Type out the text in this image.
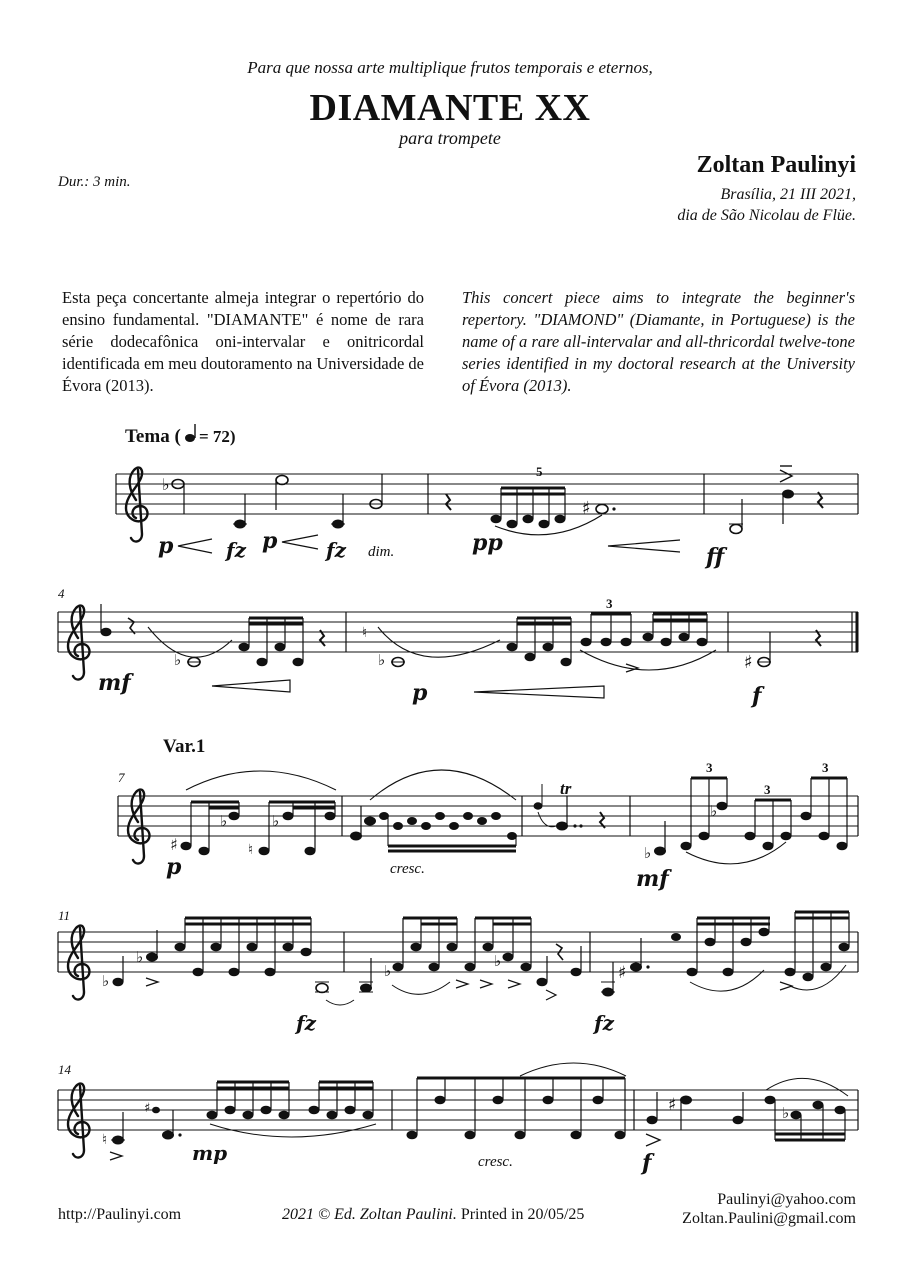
Para que nossa arte multiplique frutos temporais e eternos,
DIAMANTE XX
para trompete
Zoltan Paulinyi
Brasília, 21 III 2021,
dia de São Nicolau de Flüe.
Dur.: 3 min.
Esta peça concertante almeja integrar o repertório do ensino fundamental. "DIAMANTE" é nome de rara série dodecafônica oni-intervalar e onitricordal identificada em meu doutoramento na Universidade de Évora (2013).
This concert piece aims to integrate the beginner's repertory. "DIAMOND" (Diamante, in Portuguese) is the name of a rare all-intervalar and all-thricordal twelve-tone series identified in my doctoral research at the University of Évora (2013).
Tema ( = 72)
♭
5
♯
p	fz p fz dim.	pp
ff
4
♭
mf
♮
♭
3
p
♯
f
Var.1
7
♯
♭
♮
♭
p	cresc.
tr
♭
♭
3
3
3
mf
11
♭
♭
fz
♭
♭
fz
♯
14
♮
♯
mp	cresc.
♯	♭
f
http://Paulinyi.com	2021 © Ed. Zoltan Paulini. Printed in 20/05/25
Paulinyi@yahoo.com
Zoltan.Paulini@gmail.com
